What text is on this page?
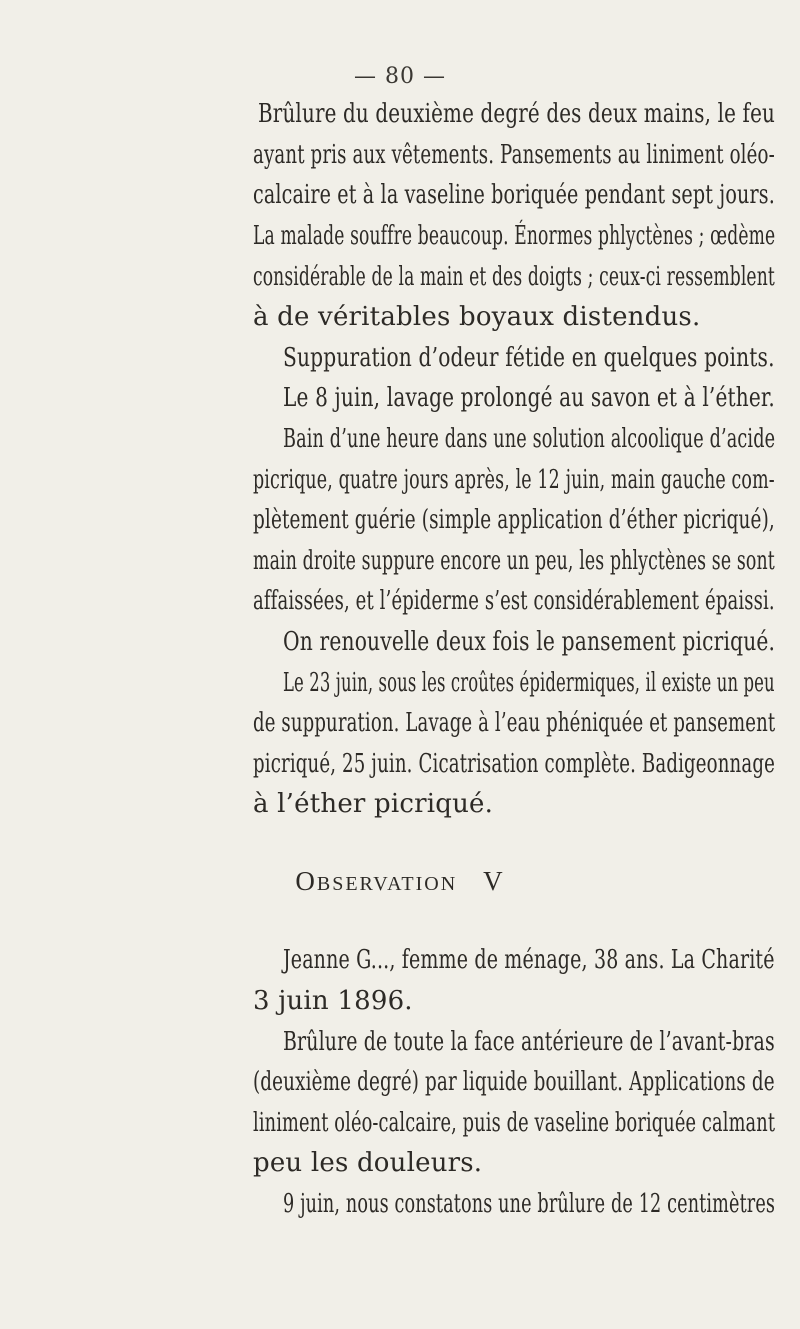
— 80 —
Brûlure du deuxième degré des deux mains, le feu
ayant pris aux vêtements. Pansements au liniment oléo-
calcaire et à la vaseline boriquée pendant sept jours.
La malade souffre beaucoup. Énormes phlyctènes ; œdème
considérable de la main et des doigts ; ceux-ci ressemblent
à de véritables boyaux distendus.
Suppuration d’odeur fétide en quelques points.
Le 8 juin, lavage prolongé au savon et à l’éther.
Bain d’une heure dans une solution alcoolique d’acide
picrique, quatre jours après, le 12 juin, main gauche com-
plètement guérie (simple application d’éther picriqué),
main droite suppure encore un peu, les phlyctènes se sont
affaissées, et l’épiderme s’est considérablement épaissi.
On renouvelle deux fois le pansement picriqué.
Le 23 juin, sous les croûtes épidermiques, il existe un peu
de suppuration. Lavage à l’eau phéniquée et pansement
picriqué, 25 juin. Cicatrisation complète. Badigeonnage
à l’éther picriqué.
OBSERVATION V
Jeanne G..., femme de ménage, 38 ans. La Charité
3 juin 1896.
Brûlure de toute la face antérieure de l’avant-bras
(deuxième degré) par liquide bouillant. Applications de
liniment oléo-calcaire, puis de vaseline boriquée calmant
peu les douleurs.
9 juin, nous constatons une brûlure de 12 centimètres
